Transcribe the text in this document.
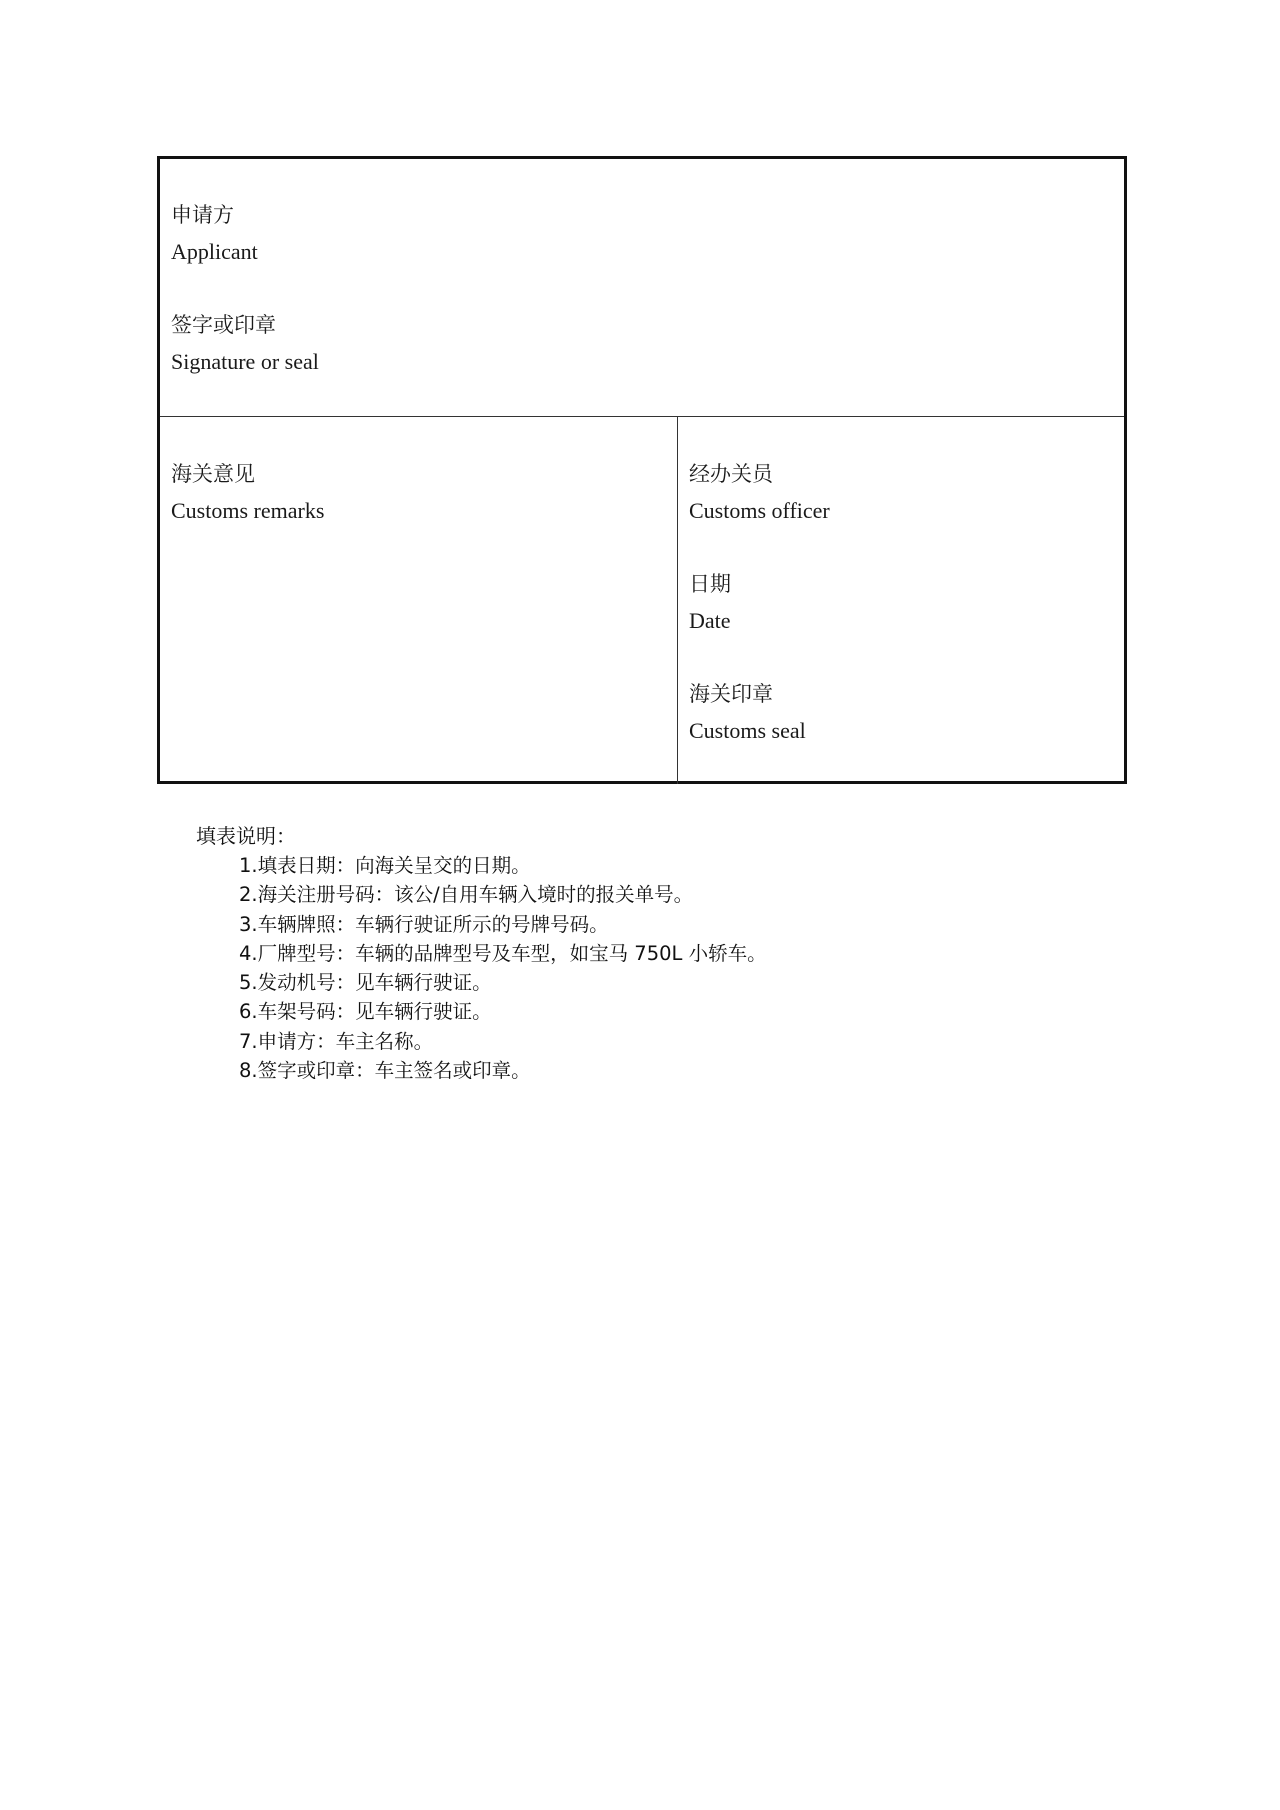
申请方
Applicant
签字或印章
Signature or seal
海关意见
Customs remarks
经办关员
Customs officer
日期
Date
海关印章
Customs seal
填表说明：
1.填表日期：向海关呈交的日期。
2.海关注册号码：该公/自用车辆入境时的报关单号。
3.车辆牌照：车辆行驶证所示的号牌号码。
4.厂牌型号：车辆的品牌型号及车型，如宝马 750L 小轿车。
5.发动机号：见车辆行驶证。
6.车架号码：见车辆行驶证。
7.申请方：车主名称。
8.签字或印章：车主签名或印章。
